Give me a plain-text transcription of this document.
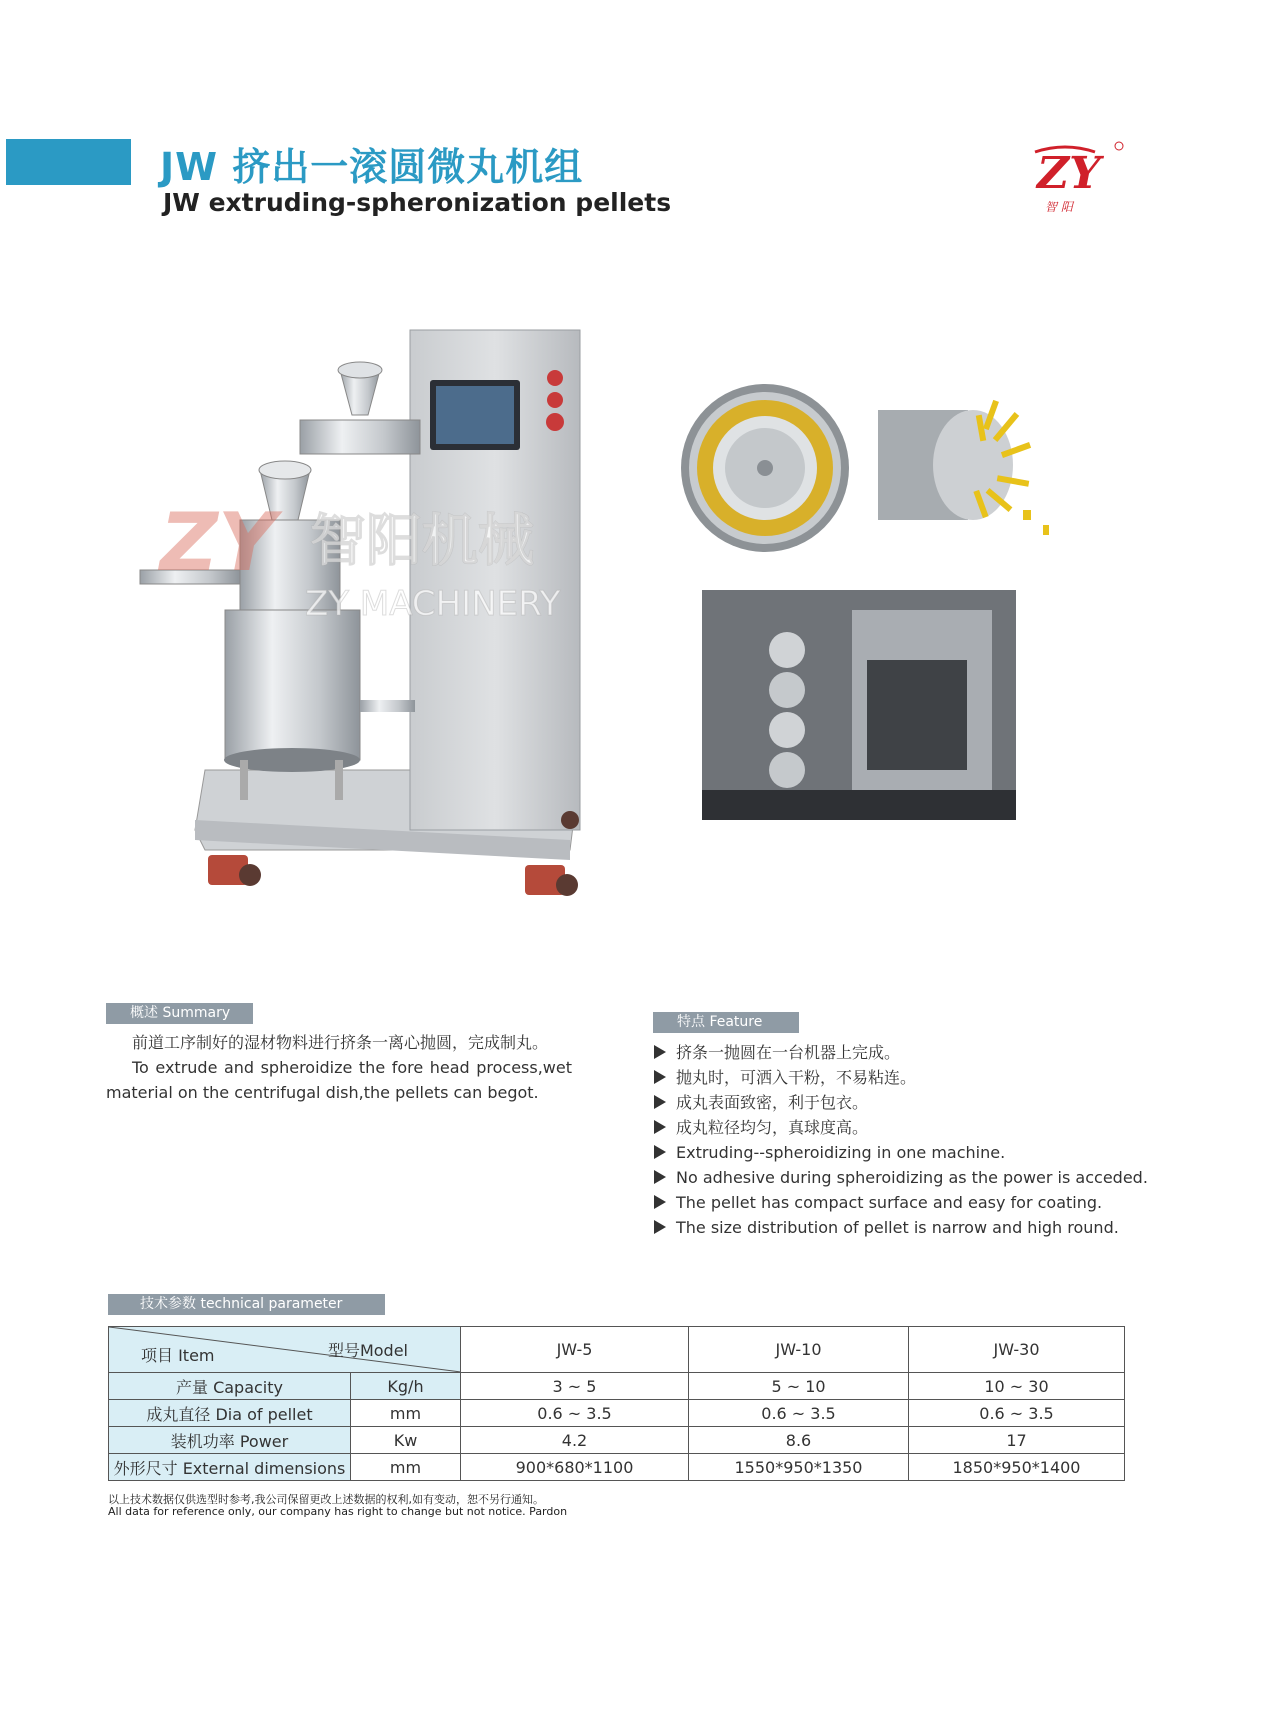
JW 挤出一滚圆微丸机组
JW extruding-spheronization pellets
ZY
智 阳
ZY 智阳机械
ZY MACHINERY
概述 Summary
前道工序制好的湿材物料进行挤条一离心抛圆，完成制丸。
To extrude and spheroidize the fore head process,wet material on the centrifugal dish,the pellets can begot.
特点 Feature
挤条一抛圆在一台机器上完成。
抛丸时，可洒入干粉，不易粘连。
成丸表面致密，利于包衣。
成丸粒径均匀，真球度高。
Extruding--spheroidizing in one machine.
No adhesive during spheroidizing as the power is acceded.
The pellet has compact surface and easy for coating.
The size distribution of pellet is narrow and high round.
技术参数 technical parameter
型号Model
项目 Item		JW-5	JW-10	JW-30
产量 Capacity	Kg/h	3 ~ 5	5 ~ 10	10 ~ 30
成丸直径 Dia of pellet	mm	0.6 ~ 3.5	0.6 ~ 3.5	0.6 ~ 3.5
装机功率 Power	Kw	4.2	8.6	17
外形尺寸 External dimensions	mm	900*680*1100	1550*950*1350	1850*950*1400
以上技术数据仅供选型时参考,我公司保留更改上述数据的权利,如有变动，恕不另行通知。
All data for reference only, our company has right to change but not notice. Pardon
